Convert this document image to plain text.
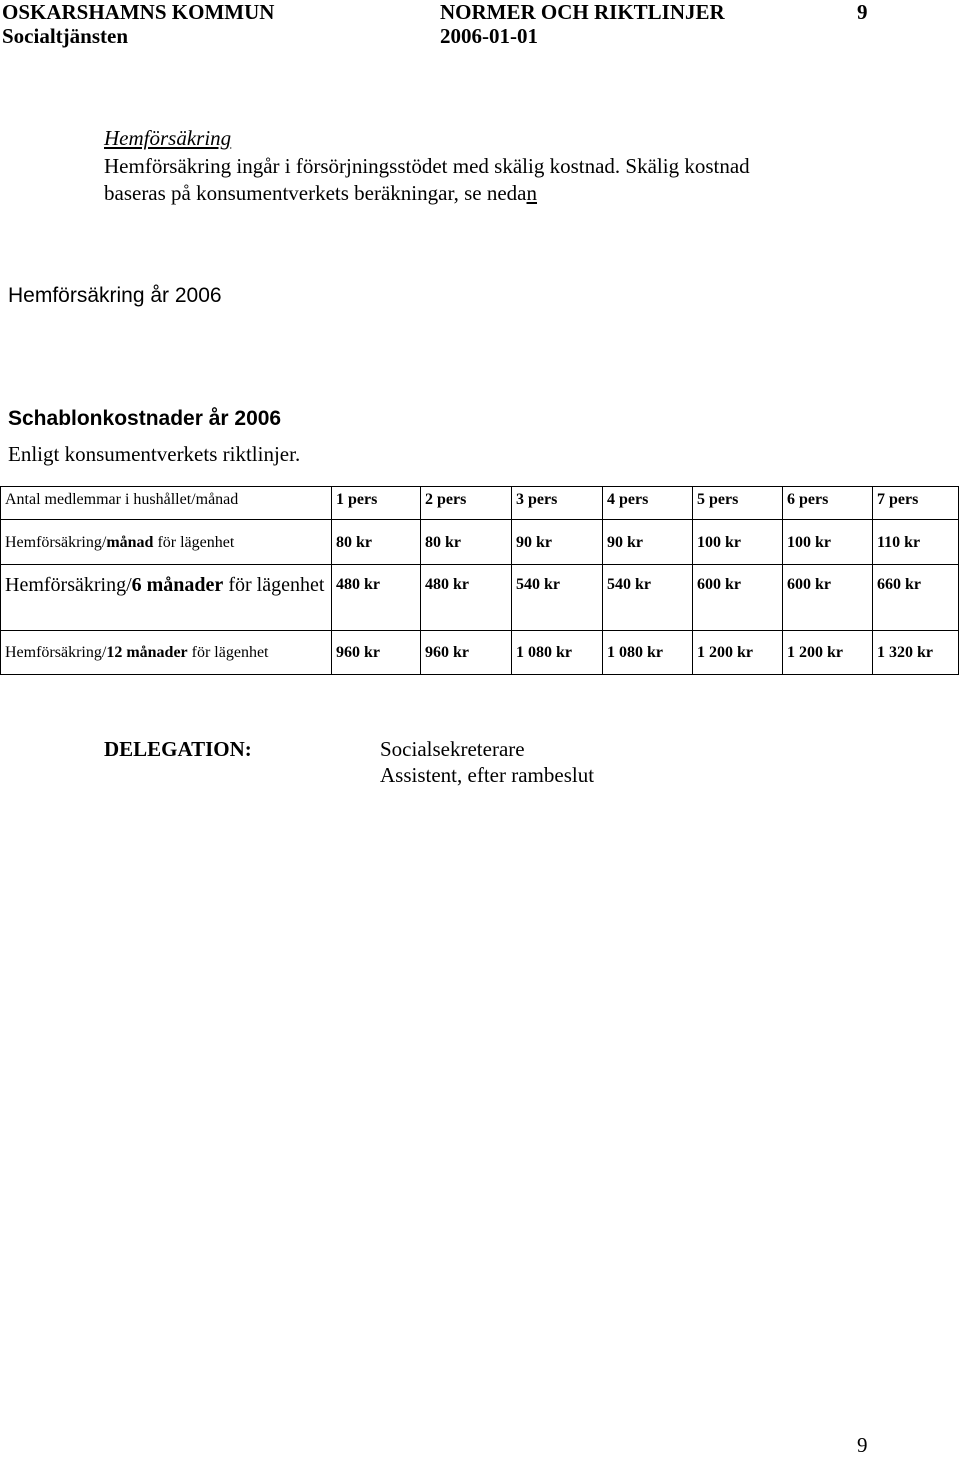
OSKARSHAMNS KOMMUN
Socialtjänsten
NORMER OCH RIKTLINJER
2006-01-01
9
Hemförsäkring
Hemförsäkring ingår i försörjningsstödet med skälig kostnad. Skälig kostnad
baseras på konsumentverkets beräkningar, se nedan
Hemförsäkring år 2006
Schablonkostnader år 2006
Enligt konsumentverkets riktlinjer.
Antal medlemmar i hushållet/månad	1 pers	2 pers	3 pers	4 pers	5 pers	6 pers	7 pers
Hemförsäkring/månad för lägenhet	80 kr	80 kr	90 kr	90 kr	100 kr	100 kr	110 kr
Hemförsäkring/6 månader för lägenhet	480 kr	480 kr	540 kr	540 kr	600 kr	600 kr	660 kr
Hemförsäkring/12 månader för lägenhet	960 kr	960 kr	1 080 kr	1 080 kr	1 200 kr	1 200 kr	1 320 kr
DELEGATION:	Socialsekreterare
Assistent, efter rambeslut
9
